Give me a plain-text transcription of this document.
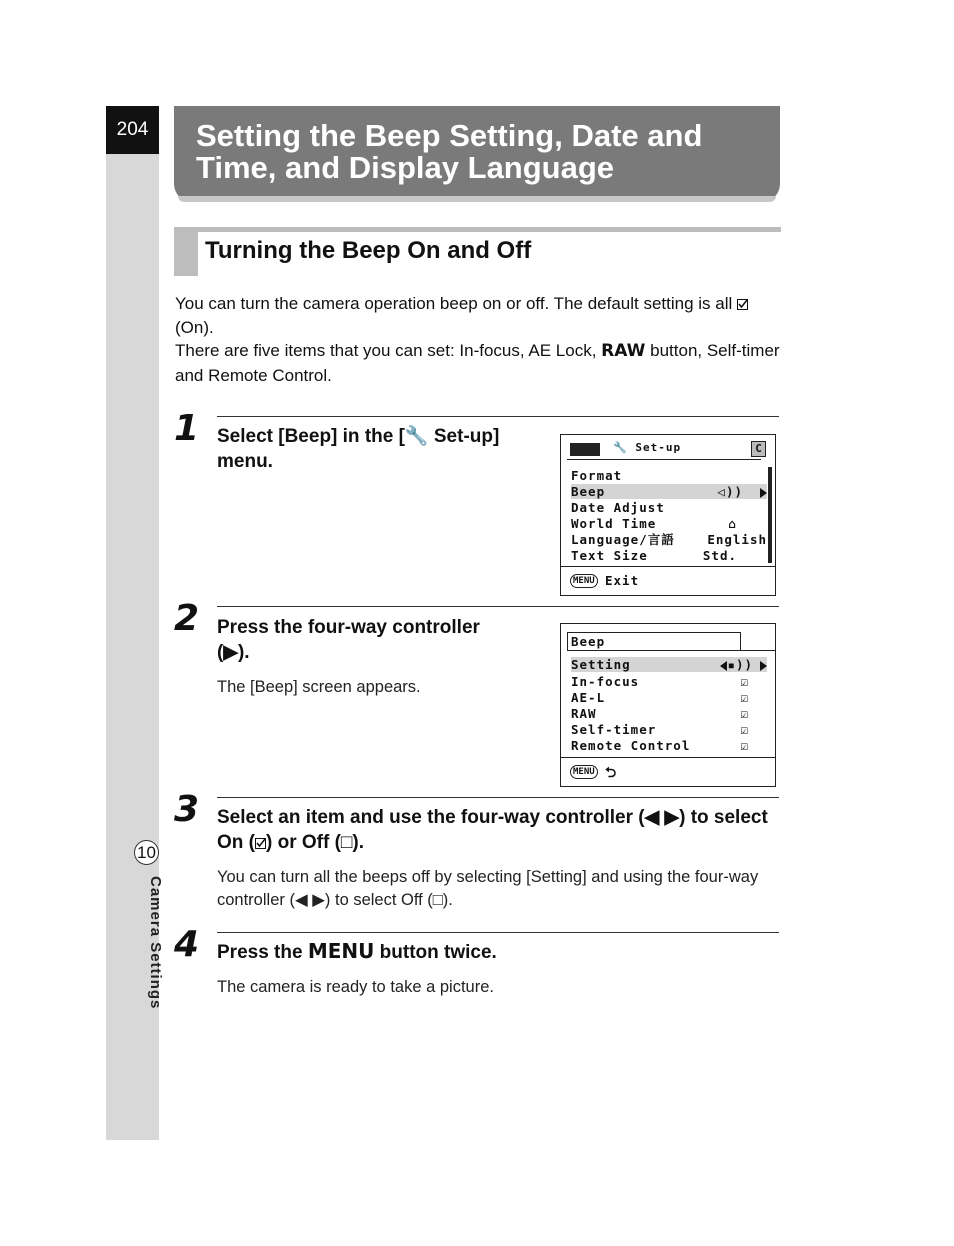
204
10
Camera Settings
Setting the Beep Setting, Date and Time, and Display Language
Turning the Beep On and Off
You can turn the camera operation beep on or off. The default setting is all  (On).
There are five items that you can set: In-focus, AE Lock, RAW button, Self-timer and Remote Control.
1 Select [Beep] in the [🔧 Set-up] menu.
🔧 Set-up	C
Format
Beep	◁))
Date Adjust
World Time	⌂
Language/言語	English
Text Size	Std.
MENU Exit
2 Press the four-way controller (▶).
The [Beep] screen appears.
Beep
Setting	▪))
In-focus	☑
AE-L	☑
RAW	☑
Self-timer	☑
Remote Control	☑
MENU ⮌
3 Select an item and use the four-way controller (◀ ▶) to select On ( ) or Off (□).
You can turn all the beeps off by selecting [Setting] and using the four-way controller (◀ ▶) to select Off (□).
4 Press the MENU button twice.
The camera is ready to take a picture.
